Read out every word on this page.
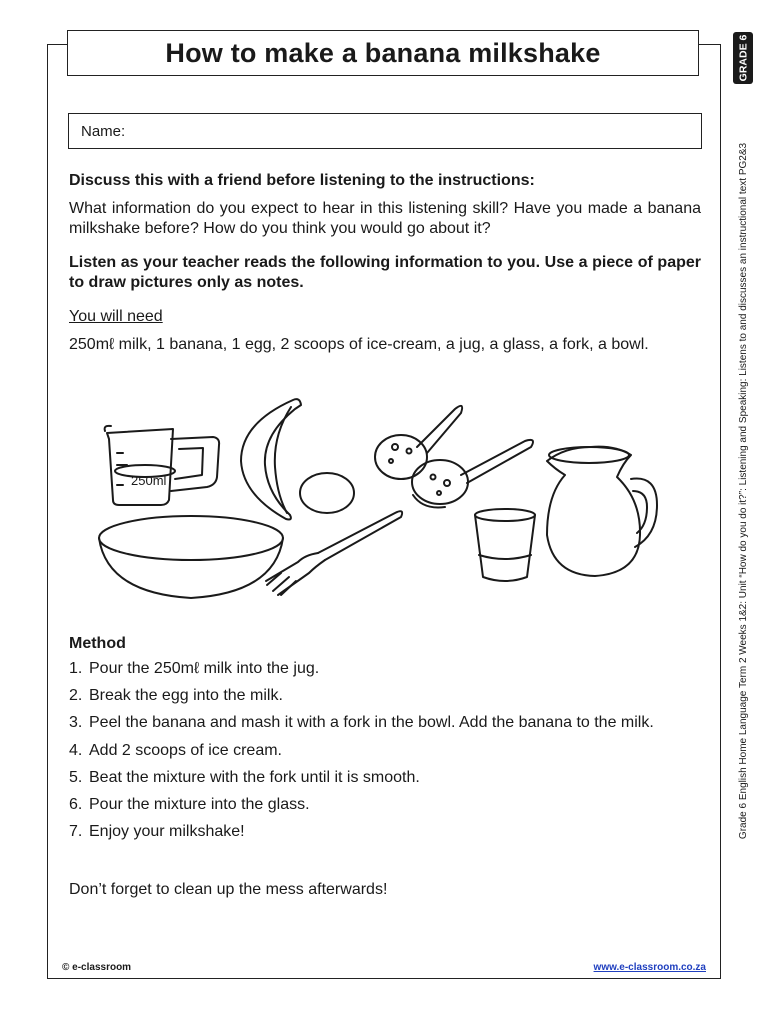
How to make a banana milkshake
Name:

Discuss this with a friend before listening to the instructions:

What information do you expect to hear in this listening skill? Have you made a banana milkshake before? How do you think you would go about it?

Listen as your teacher reads the following information to you. Use a piece of paper to draw pictures only as notes.

You will need

250mℓ milk, 1 banana, 1 egg, 2 scoops of ice-cream, a jug, a glass, a fork, a bowl.

250ml
Method
1. Pour the 250mℓ milk into the jug.
2. Break the egg into the milk.
3. Peel the banana and mash it with a fork in the bowl. Add the banana to the milk.
4. Add 2 scoops of ice cream.
5. Beat the mixture with the fork until it is smooth.
6. Pour the mixture into the glass.
7. Enjoy your milkshake!

Don’t forget to clean up the mess afterwards!

© e-classroom	www.e-classroom.co.za
GRADE 6
Grade 6 English Home Language Term 2 Weeks 1&2: Unit “How do you do it?”: Listening and Speaking: Listens to and discusses an instructional text PG2&3
